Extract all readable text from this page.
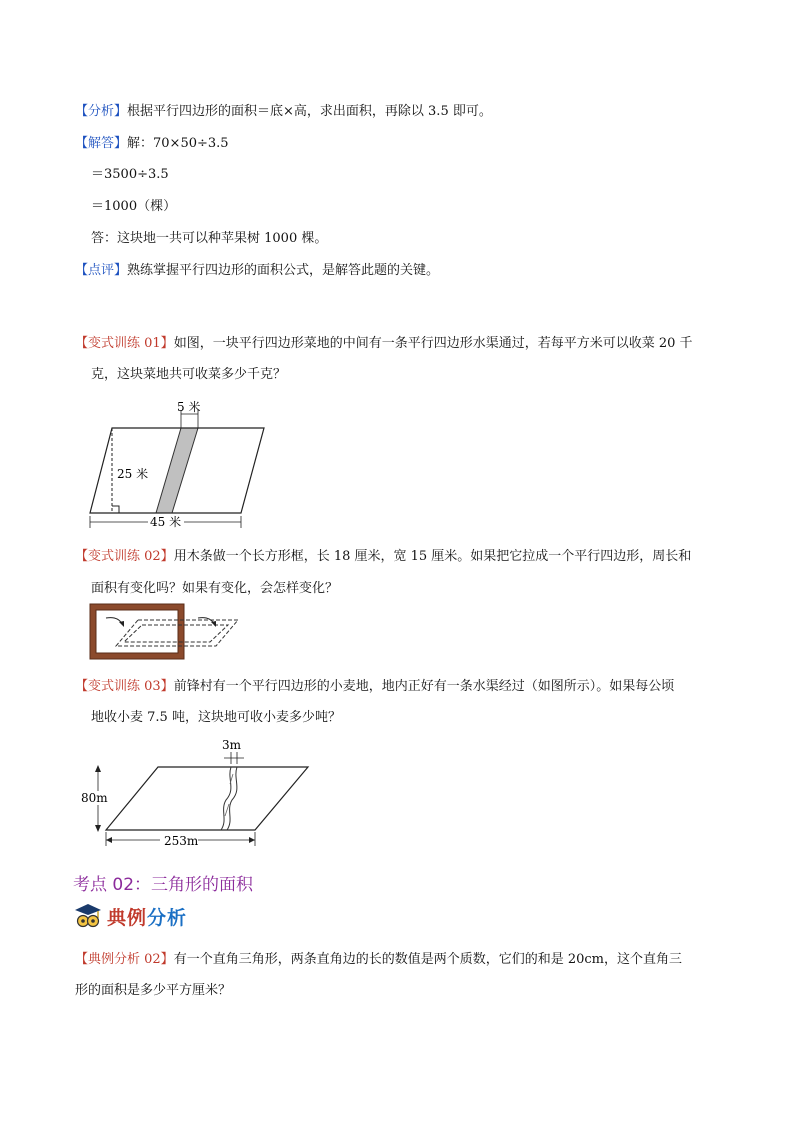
【分析】根据平行四边形的面积＝底×高，求出面积，再除以 3.5 即可。
【解答】解：70×50÷3.5
＝3500÷3.5
＝1000（棵）
答：这块地一共可以种苹果树 1000 棵。
【点评】熟练掌握平行四边形的面积公式，是解答此题的关键。
【变式训练 01】如图，一块平行四边形菜地的中间有一条平行四边形水渠通过，若每平方米可以收菜 20 千
克，这块菜地共可收菜多少千克？
5 米
25 米
45 米
【变式训练 02】用木条做一个长方形框，长 18 厘米，宽 15 厘米。如果把它拉成一个平行四边形，周长和
面积有变化吗？如果有变化，会怎样变化？
【变式训练 03】前锋村有一个平行四边形的小麦地，地内正好有一条水渠经过（如图所示）。如果每公顷
地收小麦 7.5 吨，这块地可收小麦多少吨？
3m
80m
253m
考点 02：三角形的面积
典例分析
【典例分析 02】有一个直角三角形，两条直角边的长的数值是两个质数，它们的和是 20cm，这个直角三
形的面积是多少平方厘米？
